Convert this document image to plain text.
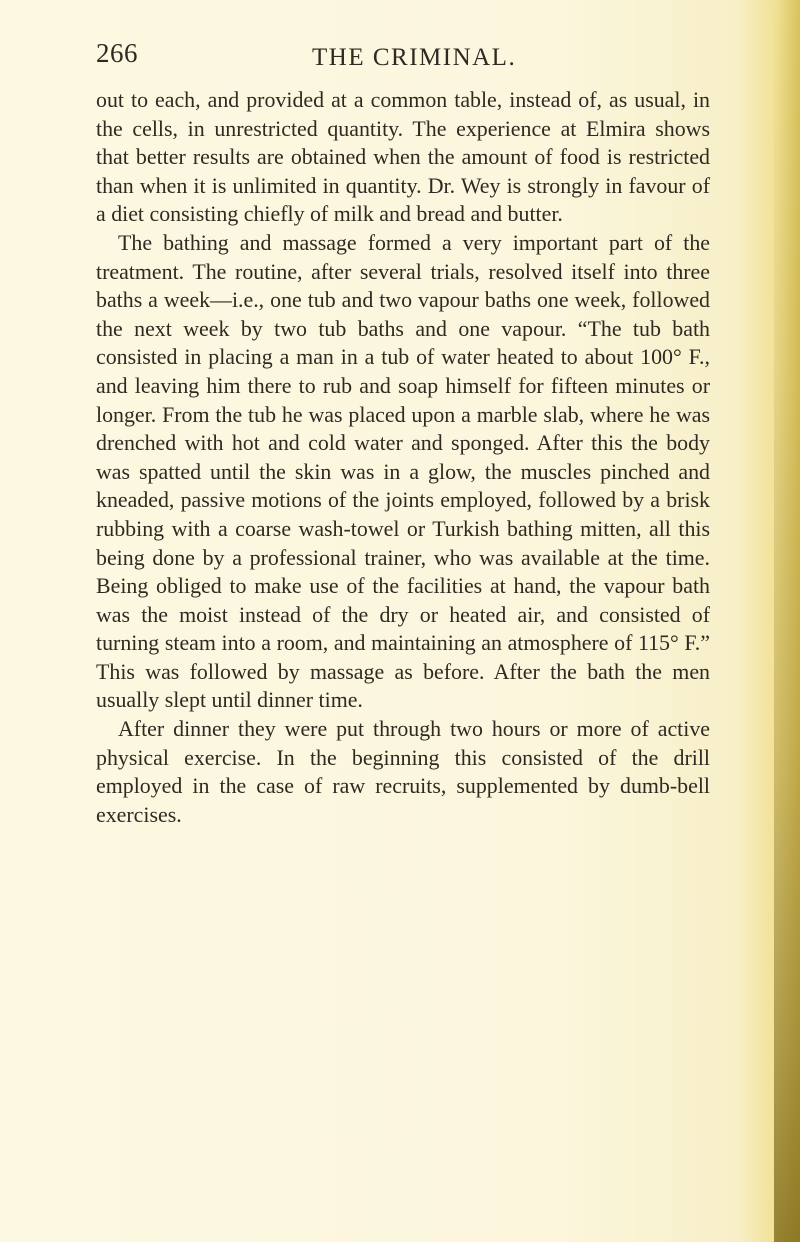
266	THE CRIMINAL.

out to each, and provided at a common table, instead of, as usual, in the cells, in unrestricted quantity. The experience at Elmira shows that better results are obtained when the amount of food is restricted than when it is unlimited in quantity. Dr. Wey is strongly in favour of a diet consisting chiefly of milk and bread and butter.

The bathing and massage formed a very important part of the treatment. The routine, after several trials, resolved itself into three baths a week—i.e., one tub and two vapour baths one week, followed the next week by two tub baths and one vapour. “The tub bath consisted in placing a man in a tub of water heated to about 100° F., and leaving him there to rub and soap himself for fifteen minutes or longer. From the tub he was placed upon a marble slab, where he was drenched with hot and cold water and sponged. After this the body was spatted until the skin was in a glow, the muscles pinched and kneaded, passive motions of the joints employed, followed by a brisk rubbing with a coarse wash-towel or Turkish bathing mitten, all this being done by a professional trainer, who was available at the time. Being obliged to make use of the facilities at hand, the vapour bath was the moist instead of the dry or heated air, and consisted of turning steam into a room, and maintaining an atmosphere of 115° F.” This was followed by massage as before. After the bath the men usually slept until dinner time.

After dinner they were put through two hours or more of active physical exercise. In the beginning this consisted of the drill employed in the case of raw recruits, supplemented by dumb-bell exercises.
